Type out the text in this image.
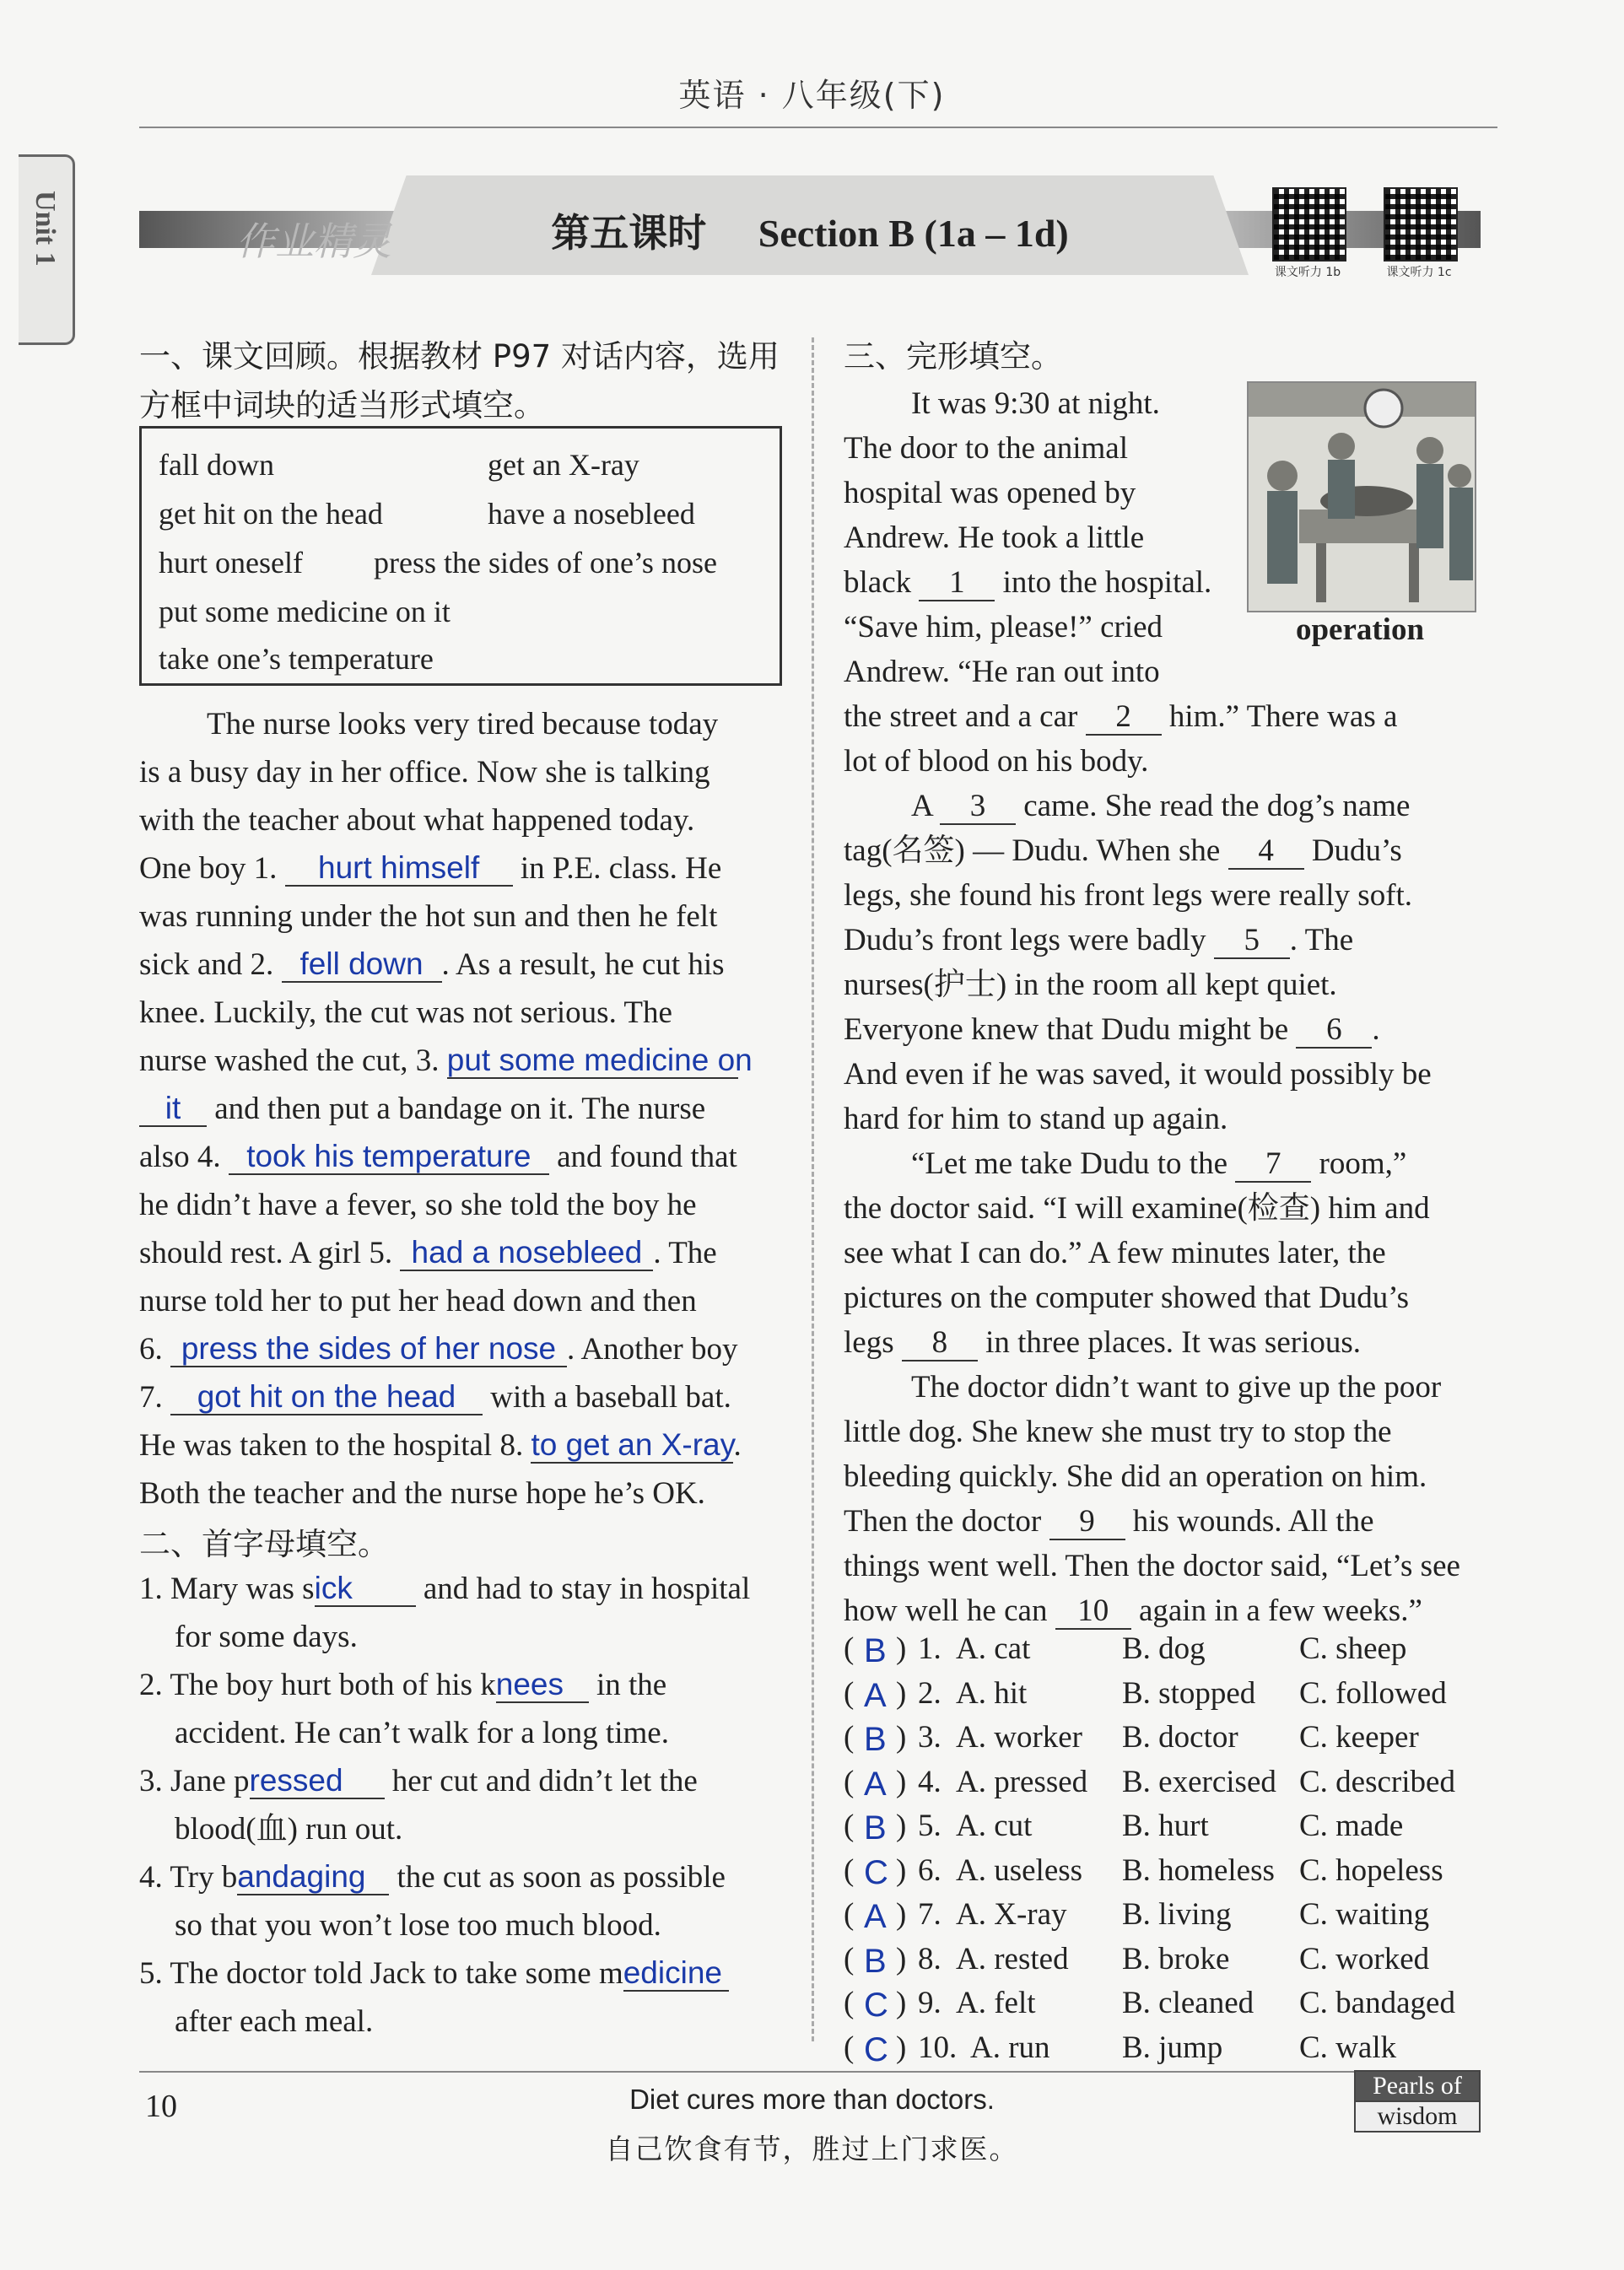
英语 · 八年级(下)
Unit 1	作业精灵	第五课时 Section B (1a – 1d)
课文听力 1b	课文听力 1c
一、课文回顾。根据教材 P97 对话内容，选用
方框中词块的适当形式填空。
fall down	get an X-ray
get hit on the head	have a nosebleed
hurt oneself press the sides of one’s nose
put some medicine on it
take one’s temperature
The nurse looks very tired because today
is a busy day in her office. Now she is talking
with the teacher about what happened today.
One boy 1. hurt himself in P.E. class. He
was running under the hot sun and then he felt
sick and 2. fell down . As a result, he cut his
knee. Luckily, the cut was not serious. The
nurse washed the cut, 3. put some medicine on
it and then put a bandage on it. The nurse
also 4. took his temperature and found that
he didn’t have a fever, so she told the boy he
should rest. A girl 5. had a nosebleed . The
nurse told her to put her head down and then
6. press the sides of her nose . Another boy
7. got hit on the head with a baseball bat.
He was taken to the hospital 8. to get an X-ray.
Both the teacher and the nurse hope he’s OK.
二、首字母填空。
1. Mary was sick and had to stay in hospital
for some days.
2. The boy hurt both of his knees in the
accident. He can’t walk for a long time.
3. Jane pressed her cut and didn’t let the
blood(血) run out.
4. Try bandaging the cut as soon as possible
so that you won’t lose too much blood.
5. The doctor told Jack to take some medicine
after each meal.
三、完形填空。
operation
It was 9:30 at night.
The door to the animal
hospital was opened by
Andrew. He took a little
black 1 into the hospital.
“Save him, please!” cried
Andrew. “He ran out into
the street and a car 2 him.” There was a
lot of blood on his body.
A 3 came. She read the dog’s name
tag(名签) — Dudu. When she 4 Dudu’s
legs, she found his front legs were really soft.
Dudu’s front legs were badly 5 . The
nurses(护士) in the room all kept quiet.
Everyone knew that Dudu might be 6 .
And even if he was saved, it would possibly be
hard for him to stand up again.
“Let me take Dudu to the 7 room,”
the doctor said. “I will examine(检查) him and
see what I can do.” A few minutes later, the
pictures on the computer showed that Dudu’s
legs 8 in three places. It was serious.
The doctor didn’t want to give up the poor
little dog. She knew she must try to stop the
bleeding quickly. She did an operation on him.
Then the doctor 9 his wounds. All the
things went well. Then the doctor said, “Let’s see
how well he can 10 again in a few weeks.”
( B ) 1. A. cat	B. dog	C. sheep
( A ) 2. A. hit	B. stopped C. followed
( B ) 3. A. worker B. doctor C. keeper
( A ) 4. A. pressed B. exercised C. described
( B ) 5. A. cut	B. hurt	C. made
( C ) 6. A. useless B. homeless C. hopeless
( A ) 7. A. X-ray B. living C. waiting
( B ) 8. A. rested B. broke C. worked
( C ) 9. A. felt	B. cleaned C. bandaged
( C ) 10. A. run B. jump C. walk
10	Diet cures more than doctors.
自己饮食有节，胜过上门求医。
Pearls of
wisdom
